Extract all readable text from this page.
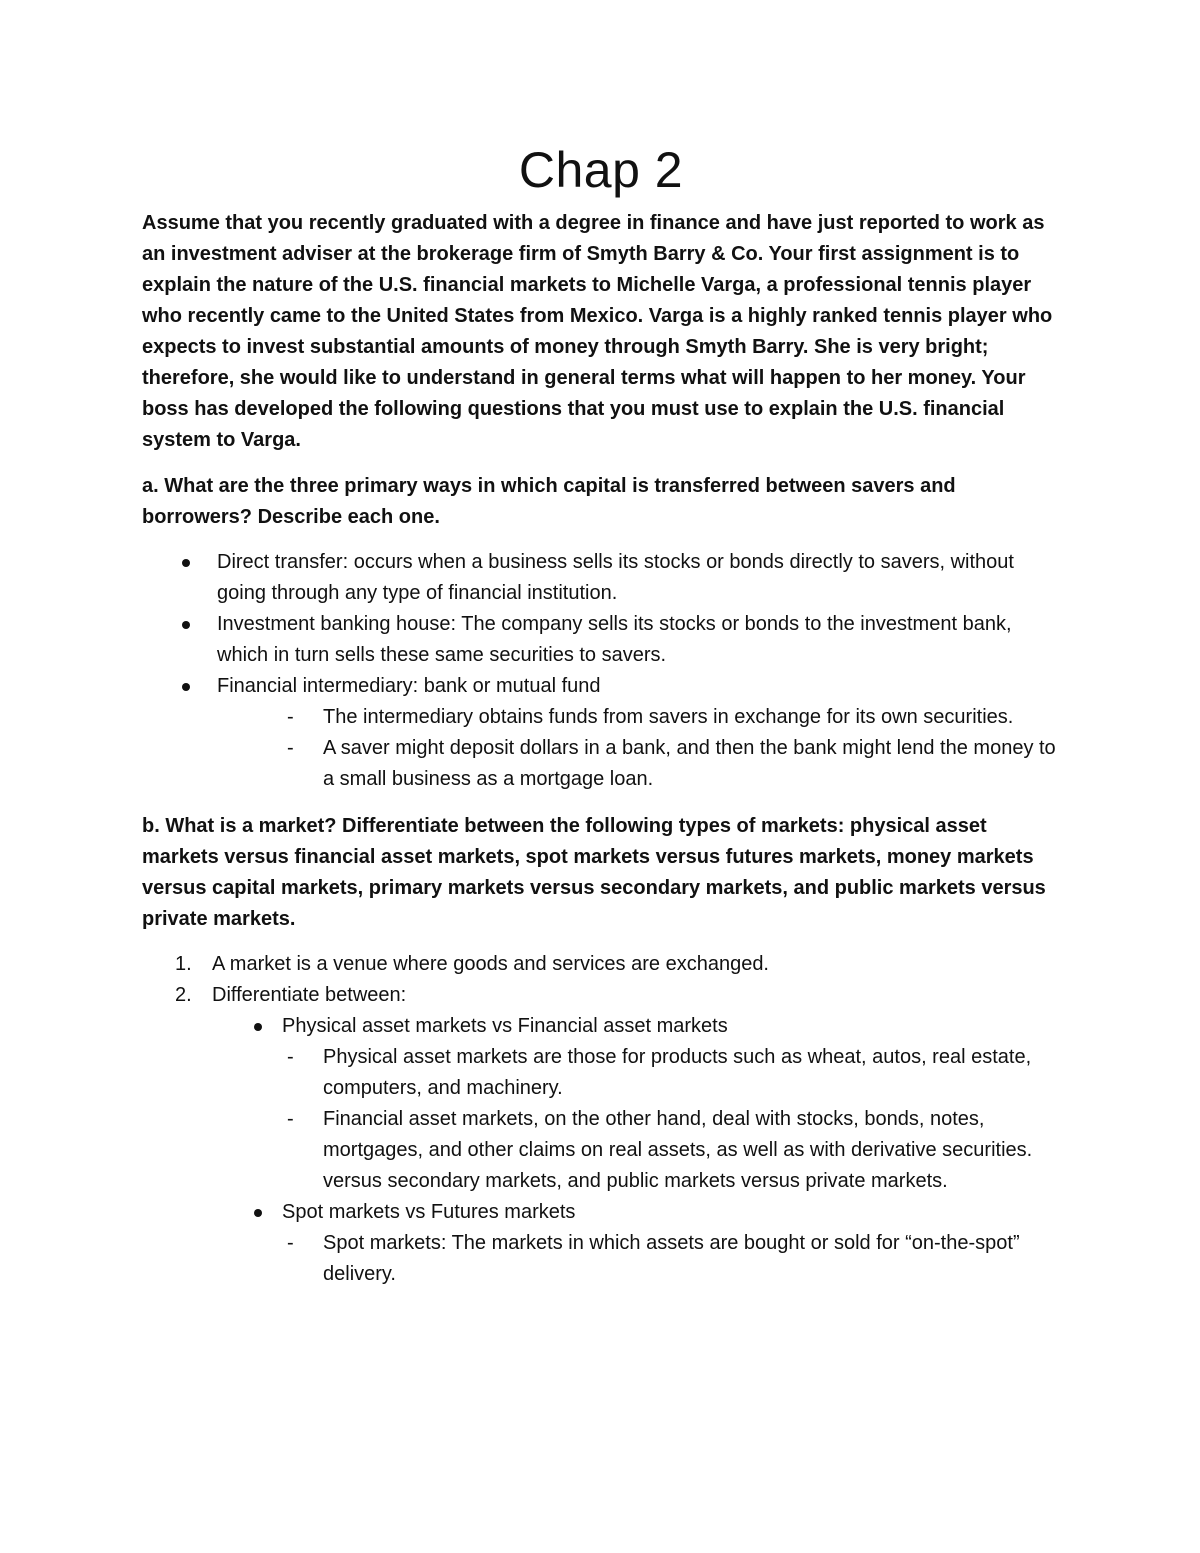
Chap 2

Assume that you recently graduated with a degree in finance and have just reported to work as an investment adviser at the brokerage firm of Smyth Barry & Co. Your first assignment is to explain the nature of the U.S. financial markets to Michelle Varga, a professional tennis player who recently came to the United States from Mexico. Varga is a highly ranked tennis player who expects to invest substantial amounts of money through Smyth Barry. She is very bright; therefore, she would like to understand in general terms what will happen to her money. Your boss has developed the following questions that you must use to explain the U.S. financial system to Varga.

a. What are the three primary ways in which capital is transferred between savers and borrowers? Describe each one.

Direct transfer: occurs when a business sells its stocks or bonds directly to savers, without going through any type of financial institution.
Investment banking house: The company sells its stocks or bonds to the investment bank, which in turn sells these same securities to savers.
Financial intermediary: bank or mutual fund
- The intermediary obtains funds from savers in exchange for its own securities.
- A saver might deposit dollars in a bank, and then the bank might lend the money to a small business as a mortgage loan.

b. What is a market? Differentiate between the following types of markets: physical asset markets versus financial asset markets, spot markets versus futures markets, money markets versus capital markets, primary markets versus secondary markets, and public markets versus private markets.

1. A market is a venue where goods and services are exchanged.
2. Differentiate between:
Physical asset markets vs Financial asset markets
- Physical asset markets are those for products such as wheat, autos, real estate, computers, and machinery.
- Financial asset markets, on the other hand, deal with stocks, bonds, notes, mortgages, and other claims on real assets, as well as with derivative securities. versus secondary markets, and public markets versus private markets.
Spot markets vs Futures markets
- Spot markets: The markets in which assets are bought or sold for “on-the-spot” delivery.
